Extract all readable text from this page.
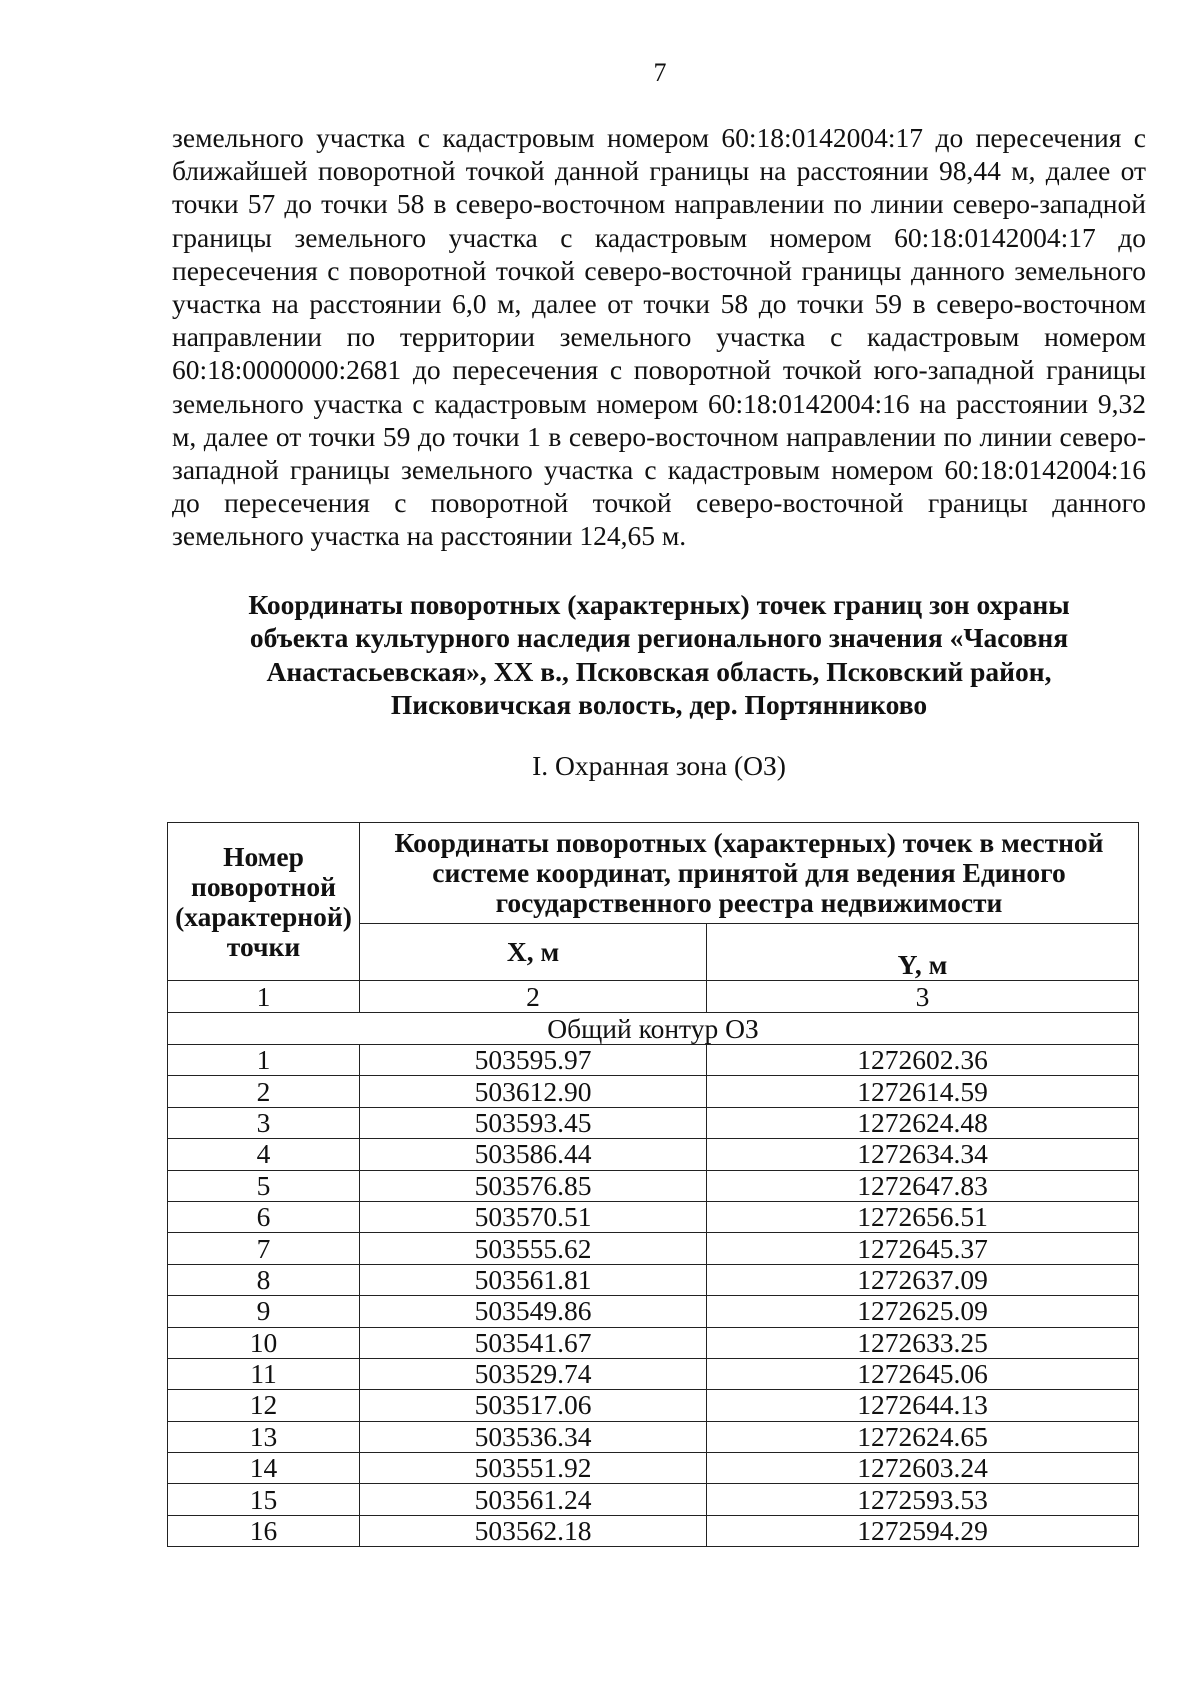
7

земельного участка с кадастровым номером 60:18:0142004:17 до пересечения с ближайшей поворотной точкой данной границы на расстоянии 98,44 м, далее от точки 57 до точки 58 в северо-восточном направлении по линии северо-западной границы земельного участка с кадастровым номером 60:18:0142004:17 до пересечения с поворотной точкой северо-восточной границы данного земельного участка на расстоянии 6,0 м, далее от точки 58 до точки 59 в северо-восточном направлении по территории земельного участка с кадастровым номером 60:18:0000000:2681 до пересечения с поворотной точкой юго-западной границы земельного участка с кадастровым номером 60:18:0142004:16 на расстоянии 9,32 м, далее от точки 59 до точки 1 в северо-восточном направлении по линии северо-западной границы земельного участка с кадастровым номером 60:18:0142004:16 до пересечения с поворотной точкой северо-восточной границы данного земельного участка на расстоянии 124,65 м.

Координаты поворотных (характерных) точек границ зон охраны
объекта культурного наследия регионального значения «Часовня
Анастасьевская», XX в., Псковская область, Псковский район,
Писковичская волость, дер. Портянниково
I. Охранная зона (ОЗ)
Номер поворотной (характерной) точки	Координаты поворотных (характерных) точек в местной системе координат, принятой для ведения Единого государственного реестра недвижимости	
	X, м	Y, м
1	2	3
Общий контур ОЗ		
1	503595.97	1272602.36
2	503612.90	1272614.59
3	503593.45	1272624.48
4	503586.44	1272634.34
5	503576.85	1272647.83
6	503570.51	1272656.51
7	503555.62	1272645.37
8	503561.81	1272637.09
9	503549.86	1272625.09
10	503541.67	1272633.25
11	503529.74	1272645.06
12	503517.06	1272644.13
13	503536.34	1272624.65
14	503551.92	1272603.24
15	503561.24	1272593.53
16	503562.18	1272594.29
